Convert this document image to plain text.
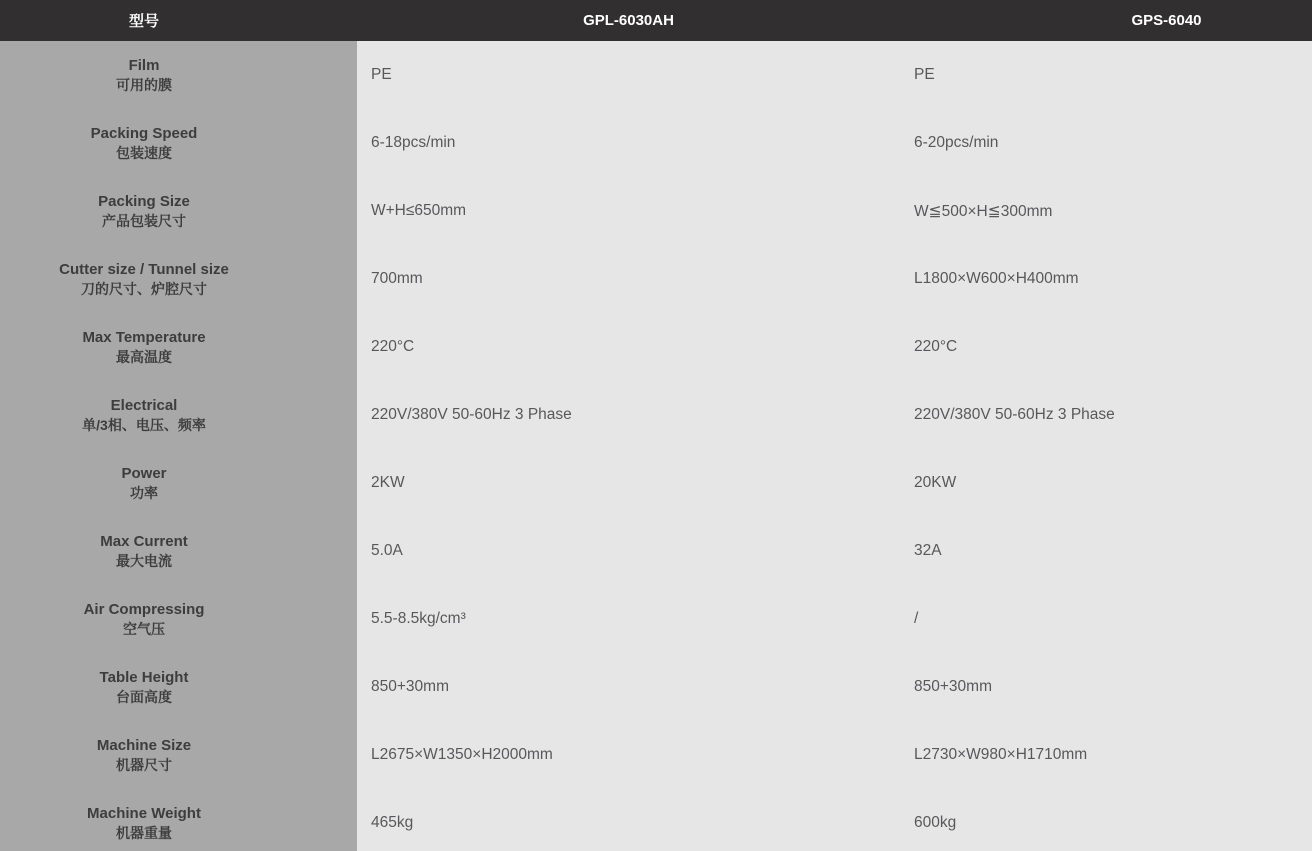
型号	GPL-6030AH	GPS-6040
Film
可用的膜
PE	PE
Packing Speed
包装速度
6-18pcs/min	6-20pcs/min
Packing Size
产品包装尺寸
W+H≤650mm	W≦500×H≦300mm
Cutter size / Tunnel size
刀的尺寸、炉腔尺寸
700mm	L1800×W600×H400mm
Max Temperature
最高温度
220°C	220°C
Electrical
单/3相、电压、频率
220V/380V 50-60Hz 3 Phase	220V/380V 50-60Hz 3 Phase
Power
功率
2KW	20KW
Max Current
最大电流
5.0A	32A
Air Compressing
空气压
5.5-8.5kg/cm³	/
Table Height
台面高度
850+30mm	850+30mm
Machine Size
机器尺寸
L2675×W1350×H2000mm	L2730×W980×H1710mm
Machine Weight
机器重量
465kg	600kg
